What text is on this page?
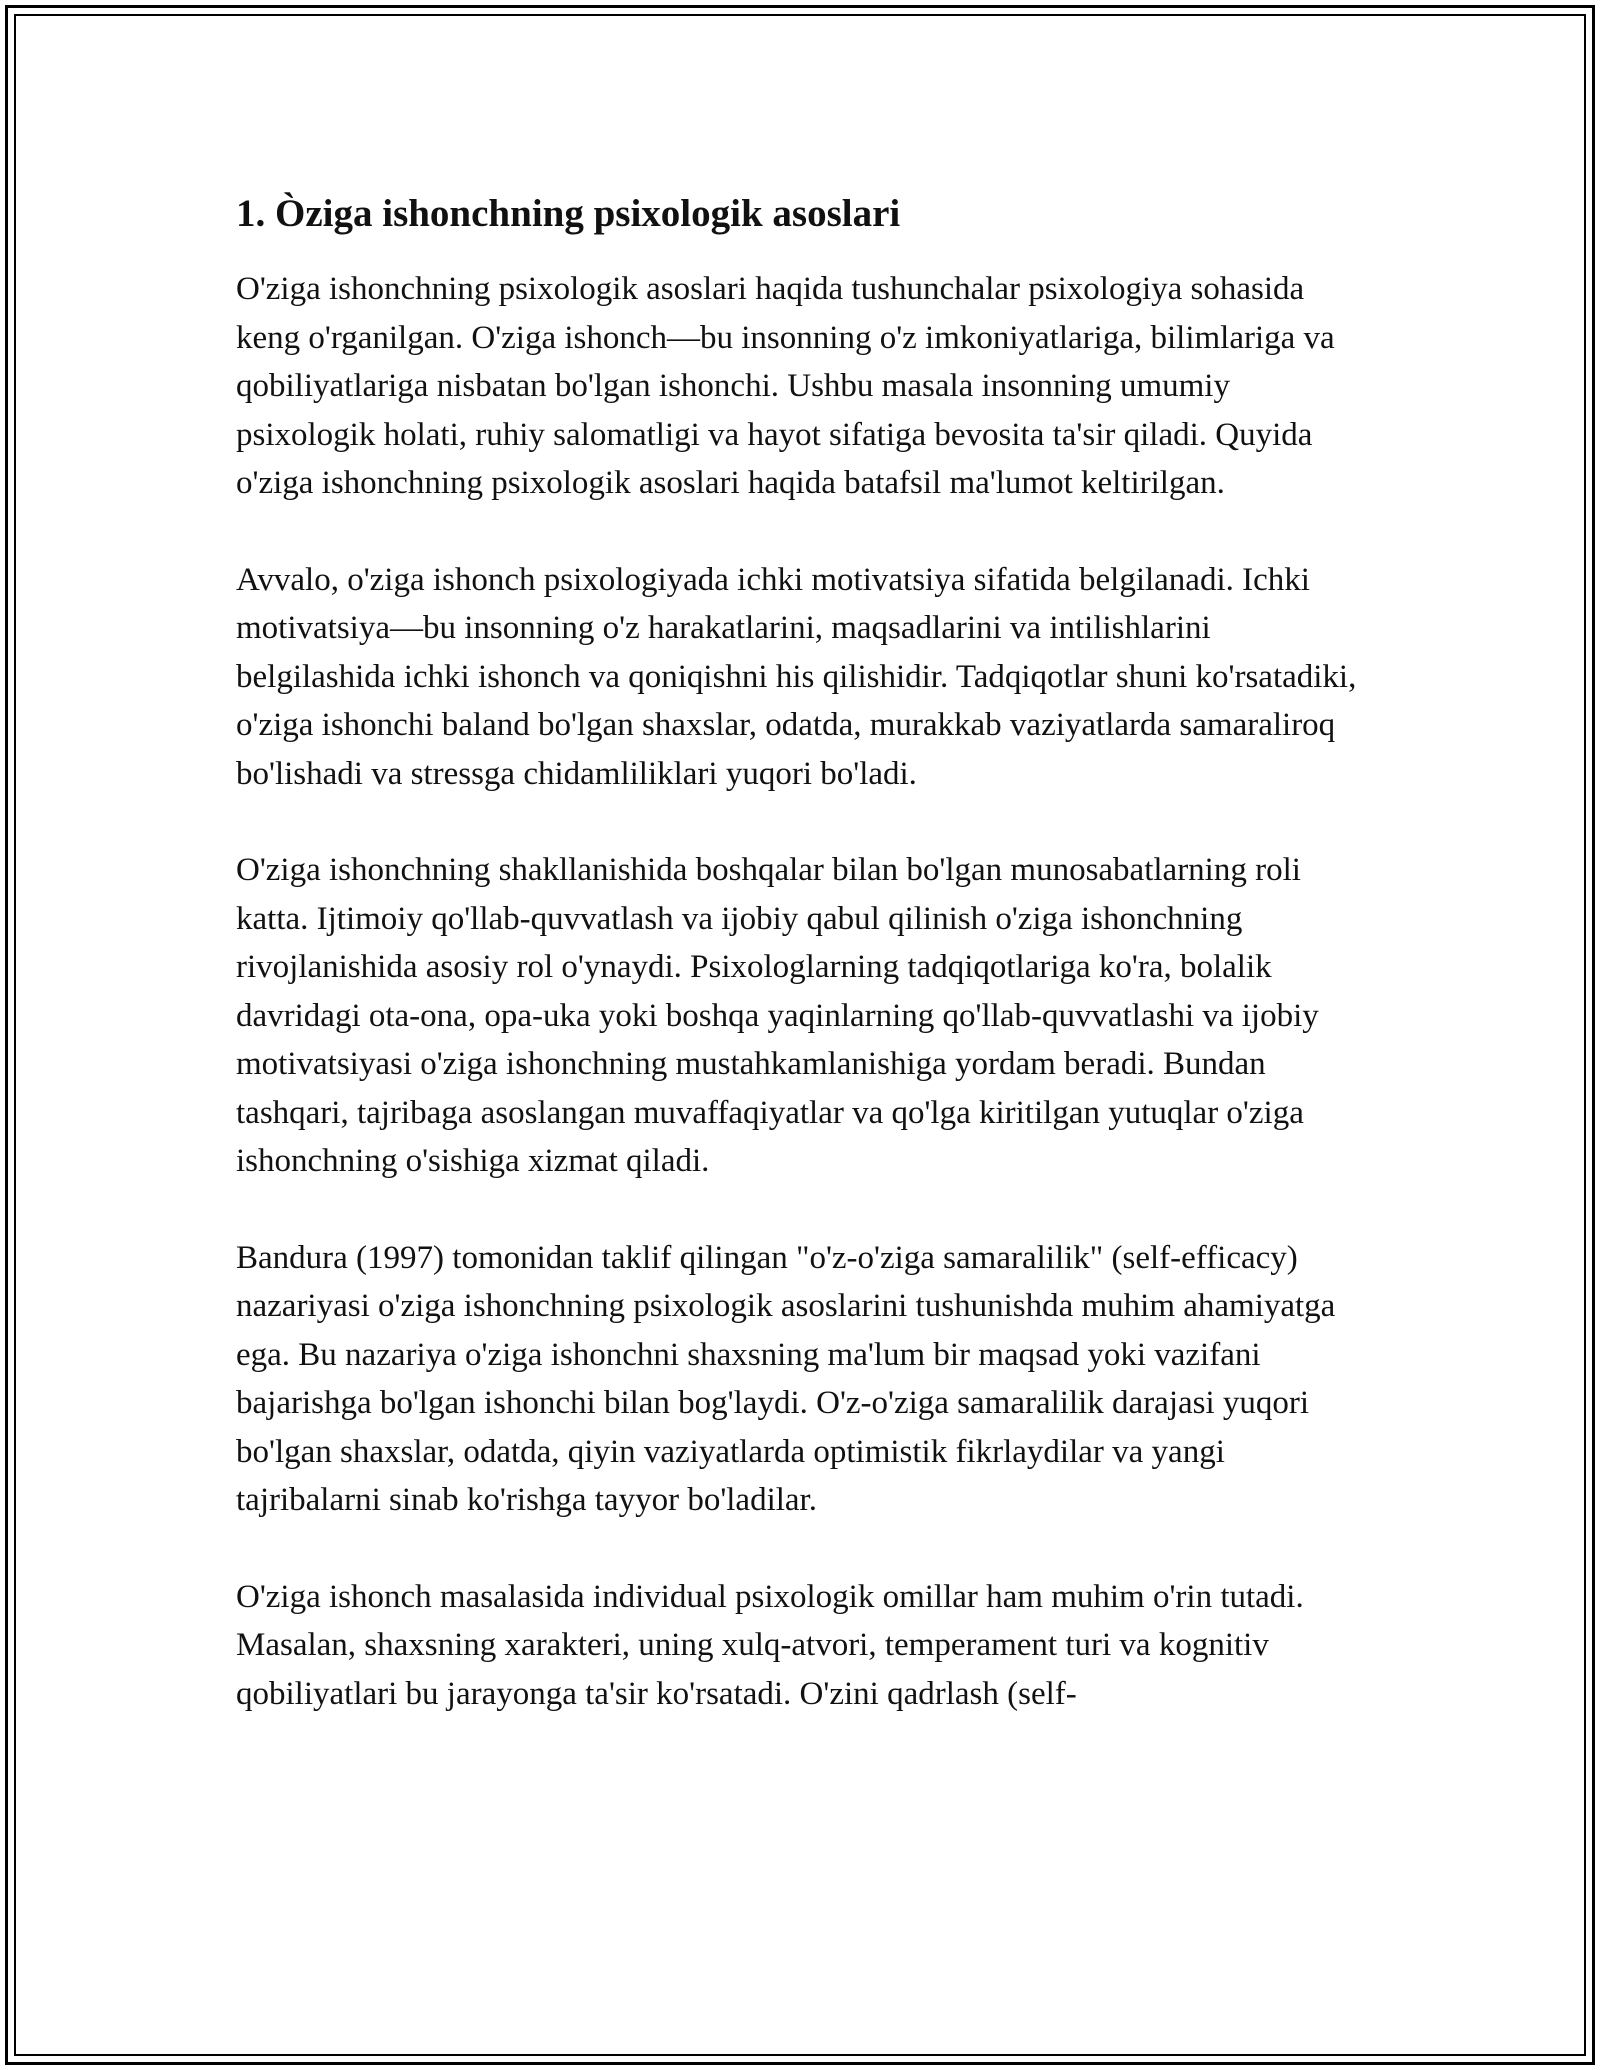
1. Òziga ishonchning psixologik asoslari

O'ziga ishonchning psixologik asoslari haqida tushunchalar psixologiya sohasida keng o'rganilgan. O'ziga ishonch—bu insonning o'z imkoniyatlariga, bilimlariga va qobiliyatlariga nisbatan bo'lgan ishonchi. Ushbu masala insonning umumiy psixologik holati, ruhiy salomatligi va hayot sifatiga bevosita ta'sir qiladi. Quyida o'ziga ishonchning psixologik asoslari haqida batafsil ma'lumot keltirilgan.

Avvalo, o'ziga ishonch psixologiyada ichki motivatsiya sifatida belgilanadi. Ichki motivatsiya—bu insonning o'z harakatlarini, maqsadlarini va intilishlarini belgilashida ichki ishonch va qoniqishni his qilishidir. Tadqiqotlar shuni ko'rsatadiki, o'ziga ishonchi baland bo'lgan shaxslar, odatda, murakkab vaziyatlarda samaraliroq bo'lishadi va stressga chidamliliklari yuqori bo'ladi.

O'ziga ishonchning shakllanishida boshqalar bilan bo'lgan munosabatlarning roli katta. Ijtimoiy qo'llab-quvvatlash va ijobiy qabul qilinish o'ziga ishonchning rivojlanishida asosiy rol o'ynaydi. Psixologlarning tadqiqotlariga ko'ra, bolalik davridagi ota-ona, opa-uka yoki boshqa yaqinlarning qo'llab-quvvatlashi va ijobiy motivatsiyasi o'ziga ishonchning mustahkamlanishiga yordam beradi. Bundan tashqari, tajribaga asoslangan muvaffaqiyatlar va qo'lga kiritilgan yutuqlar o'ziga ishonchning o'sishiga xizmat qiladi.

Bandura (1997) tomonidan taklif qilingan "o'z-o'ziga samaralilik" (self-efficacy) nazariyasi o'ziga ishonchning psixologik asoslarini tushunishda muhim ahamiyatga ega. Bu nazariya o'ziga ishonchni shaxsning ma'lum bir maqsad yoki vazifani bajarishga bo'lgan ishonchi bilan bog'laydi. O'z-o'ziga samaralilik darajasi yuqori bo'lgan shaxslar, odatda, qiyin vaziyatlarda optimistik fikrlaydilar va yangi tajribalarni sinab ko'rishga tayyor bo'ladilar.

O'ziga ishonch masalasida individual psixologik omillar ham muhim o'rin tutadi. Masalan, shaxsning xarakteri, uning xulq-atvori, temperament turi va kognitiv qobiliyatlari bu jarayonga ta'sir ko'rsatadi. O'zini qadrlash (self-
